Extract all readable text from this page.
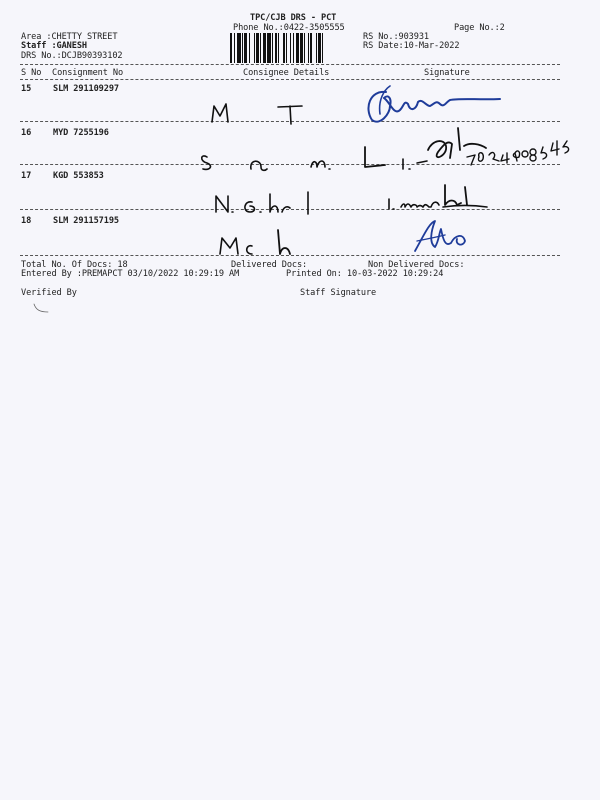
TPC/CJB DRS - PCT
Phone No.:0422-3505555	Page No.:2
Area :CHETTY STREET
Staff :GANESH
DRS No.:DCJB90393102
RS No.:903931
RS Date:10-Mar-2022
S No Consignment No	Consignee Details	Signature
15	SLM 291109297
16	MYD 7255196
17	KGD 553853
18	SLM 291157195
Total No. Of Docs: 18	Delivered Docs:	Non Delivered Docs:
Entered By :PREMAPCT 03/10/2022 10:29:19 AM	Printed On: 10-03-2022 10:29:24
Verified By	Staff Signature
